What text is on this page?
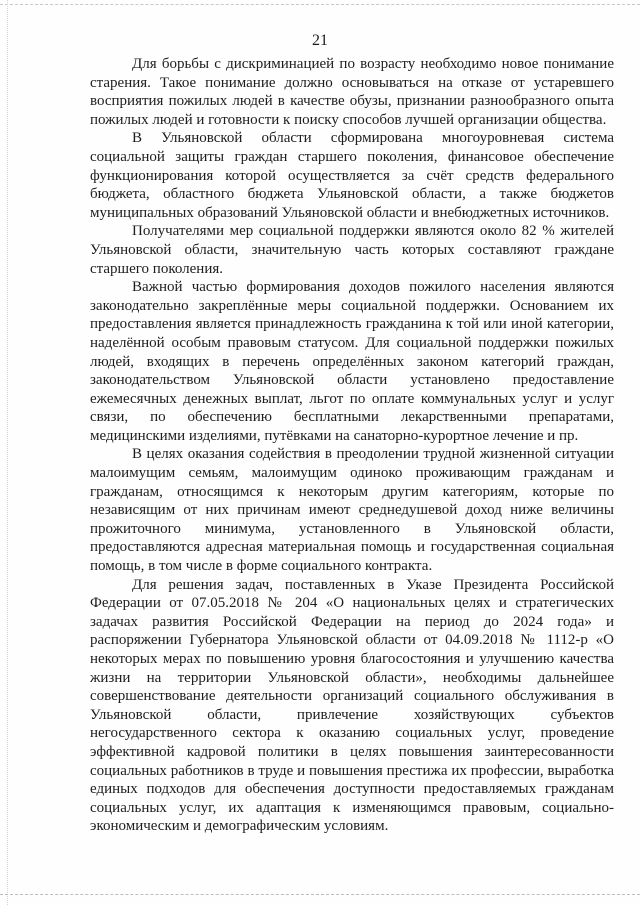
21

Для борьбы с дискриминацией по возрасту необходимо новое понимание старения. Такое понимание должно основываться на отказе от устаревшего восприятия пожилых людей в качестве обузы, признании разнообразного опыта пожилых людей и готовности к поиску способов лучшей организации общества.

В Ульяновской области сформирована многоуровневая система социальной защиты граждан старшего поколения, финансовое обеспечение функционирования которой осуществляется за счёт средств федерального бюджета, областного бюджета Ульяновской области, а также бюджетов муниципальных образований Ульяновской области и внебюджетных источников.

Получателями мер социальной поддержки являются около 82 % жителей Ульяновской области, значительную часть которых составляют граждане старшего поколения.

Важной частью формирования доходов пожилого населения являются законодательно закреплённые меры социальной поддержки. Основанием их предоставления является принадлежность гражданина к той или иной категории, наделённой особым правовым статусом. Для социальной поддержки пожилых людей, входящих в перечень определённых законом категорий граждан, законодательством Ульяновской области установлено предоставление ежемесячных денежных выплат, льгот по оплате коммунальных услуг и услуг связи, по обеспечению бесплатными лекарственными препаратами, медицинскими изделиями, путёвками на санаторно-курортное лечение и пр.

В целях оказания содействия в преодолении трудной жизненной ситуации малоимущим семьям, малоимущим одиноко проживающим гражданам и гражданам, относящимся к некоторым другим категориям, которые по независящим от них причинам имеют среднедушевой доход ниже величины прожиточного минимума, установленного в Ульяновской области, предоставляются адресная материальная помощь и государственная социальная помощь, в том числе в форме социального контракта.

Для решения задач, поставленных в Указе Президента Российской Федерации от 07.05.2018 № 204 «О национальных целях и стратегических задачах развития Российской Федерации на период до 2024 года» и распоряжении Губернатора Ульяновской области от 04.09.2018 № 1112-р «О некоторых мерах по повышению уровня благосостояния и улучшению качества жизни на территории Ульяновской области», необходимы дальнейшее совершенствование деятельности организаций социального обслуживания в Ульяновской области, привлечение хозяйствующих субъектов негосударственного сектора к оказанию социальных услуг, проведение эффективной кадровой политики в целях повышения заинтересованности социальных работников в труде и повышения престижа их профессии, выработка единых подходов для обеспечения доступности предоставляемых гражданам социальных услуг, их адаптация к изменяющимся правовым, социально-экономическим и демографическим условиям.
